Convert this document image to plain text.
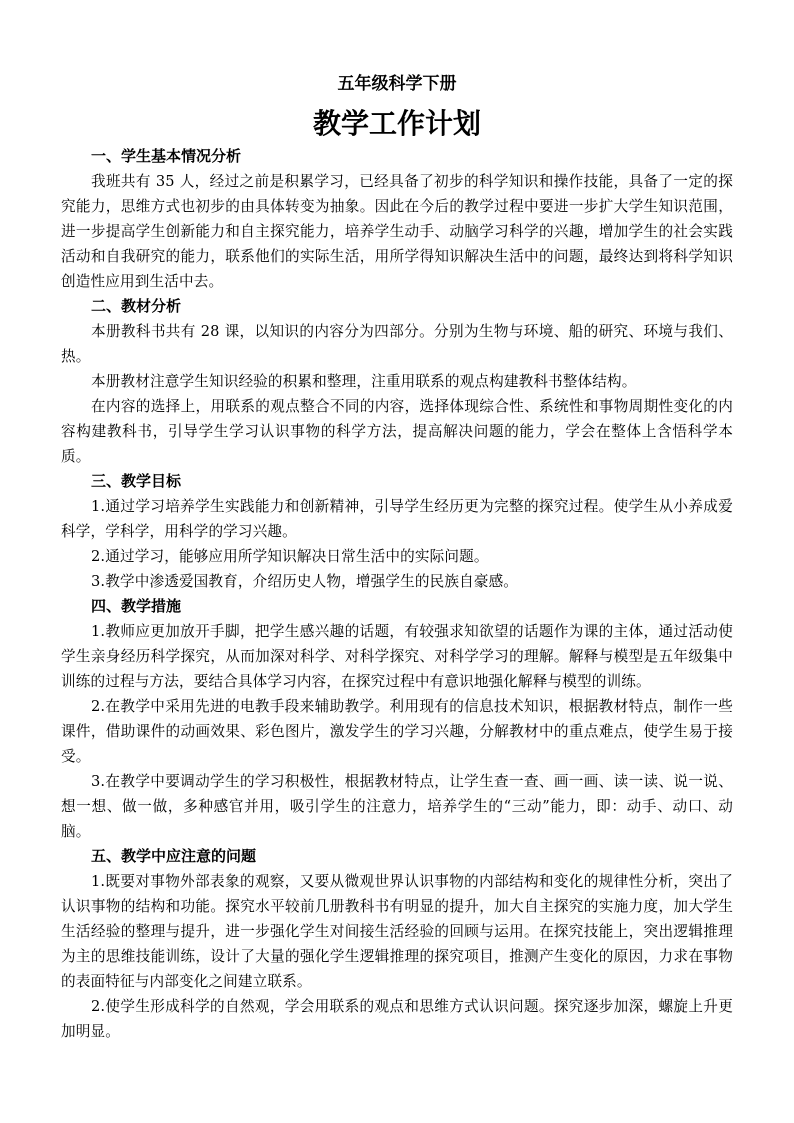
五年级科学下册
教学工作计划
一、学生基本情况分析

我班共有 35 人，经过之前是积累学习，已经具备了初步的科学知识和操作技能，具备了一定的探究能力，思维方式也初步的由具体转变为抽象。因此在今后的教学过程中要进一步扩大学生知识范围，进一步提高学生创新能力和自主探究能力，培养学生动手、动脑学习科学的兴趣，增加学生的社会实践活动和自我研究的能力，联系他们的实际生活，用所学得知识解决生活中的问题，最终达到将科学知识创造性应用到生活中去。

二、教材分析

本册教科书共有 28 课，以知识的内容分为四部分。分别为生物与环境、船的研究、环境与我们、热。

本册教材注意学生知识经验的积累和整理，注重用联系的观点构建教科书整体结构。

在内容的选择上，用联系的观点整合不同的内容，选择体现综合性、系统性和事物周期性变化的内容构建教科书，引导学生学习认识事物的科学方法，提高解决问题的能力，学会在整体上含悟科学本质。

三、教学目标

1.通过学习培养学生实践能力和创新精神，引导学生经历更为完整的探究过程。使学生从小养成爱科学，学科学，用科学的学习兴趣。

2.通过学习，能够应用所学知识解决日常生活中的实际问题。

3.教学中渗透爱国教育，介绍历史人物，增强学生的民族自豪感。

四、教学措施

1.教师应更加放开手脚，把学生感兴趣的话题，有较强求知欲望的话题作为课的主体，通过活动使学生亲身经历科学探究，从而加深对科学、对科学探究、对科学学习的理解。解释与模型是五年级集中训练的过程与方法，要结合具体学习内容，在探究过程中有意识地强化解释与模型的训练。

2.在教学中采用先进的电教手段来辅助教学。利用现有的信息技术知识，根据教材特点，制作一些课件，借助课件的动画效果、彩色图片，激发学生的学习兴趣，分解教材中的重点难点，使学生易于接受。

3.在教学中要调动学生的学习积极性，根据教材特点，让学生查一查、画一画、读一读、说一说、想一想、做一做，多种感官并用，吸引学生的注意力，培养学生的“三动”能力，即：动手、动口、动脑。

五、教学中应注意的问题

1.既要对事物外部表象的观察，又要从微观世界认识事物的内部结构和变化的规律性分析，突出了认识事物的结构和功能。探究水平较前几册教科书有明显的提升，加大自主探究的实施力度，加大学生生活经验的整理与提升，进一步强化学生对间接生活经验的回顾与运用。在探究技能上，突出逻辑推理为主的思维技能训练，设计了大量的强化学生逻辑推理的探究项目，推测产生变化的原因，力求在事物的表面特征与内部变化之间建立联系。

2.使学生形成科学的自然观，学会用联系的观点和思维方式认识问题。探究逐步加深，螺旋上升更加明显。
